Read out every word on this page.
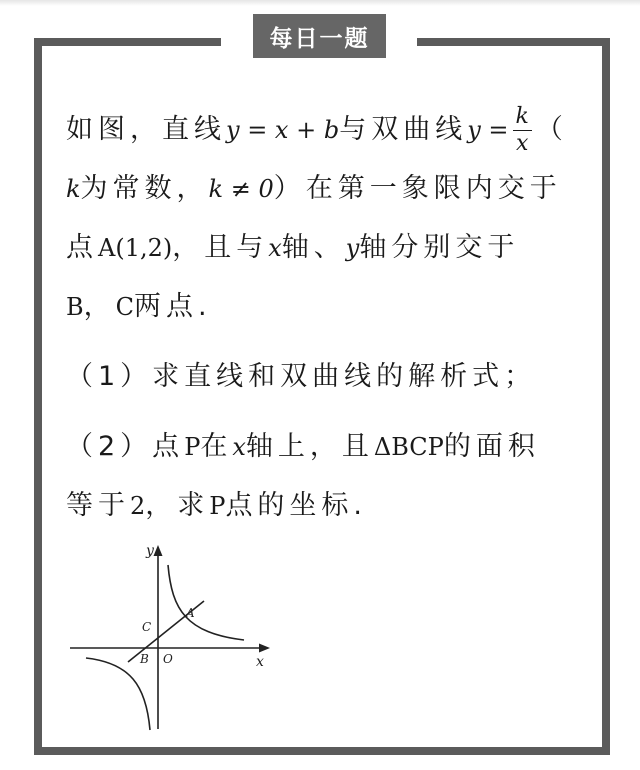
每日一题
如图，直线y = x + b与双曲线$y = \frac{k}{x}$ （
k为常数，k ≠ 0）在第一象限内交于
点A(1,2)，且与x轴、y轴分别交于
B，C两点.
（1）求直线和双曲线的解析式；
（2）点P在x轴上，且ΔBCP的面积
等于2，求P点的坐标.
y
x
A
C
B O
